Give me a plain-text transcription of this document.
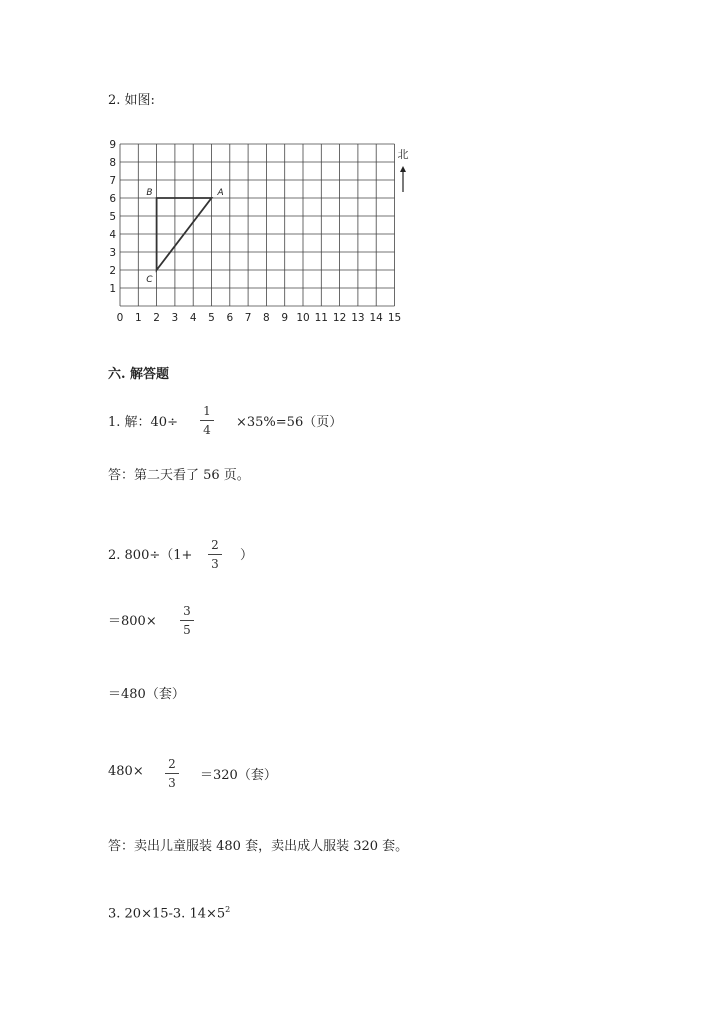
2. 如图:
0 1 2 3 4 5 6 7 8 9 10 11 12 13 14 15
1
2
3
4
5
6
7
8
9
A
B
C
北
六. 解答题
1. 解：40÷
1
4	×35%=56（页）
答：第二天看了 56 页。
2. 800÷（1+
2
3
）
＝800×
3
5
＝480（套）
480×	2
3	＝320（套）
答：卖出儿童服装 480 套，卖出成人服装 320 套。
3. 20×15-3. $14\times 5^2$
